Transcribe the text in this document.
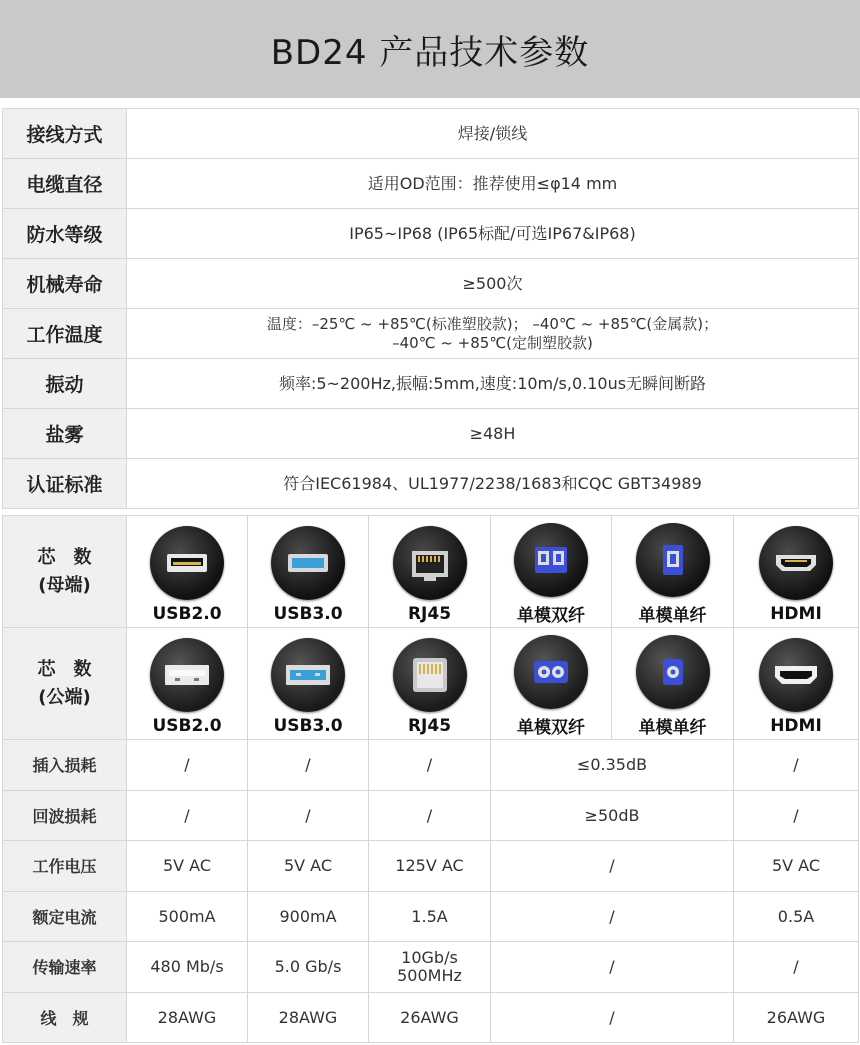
BD24 产品技术参数
接线方式	焊接/锁线
电缆直径	适用OD范围：推荐使用≤φ14 mm
防水等级	IP65~IP68 (IP65标配/可选IP67&IP68)
机械寿命	≥500次
工作温度	温度：–25℃ ~ +85℃(标准塑胶款)； –40℃ ~ +85℃(金属款)；
–40℃ ~ +85℃(定制塑胶款)

振动	频率:5~200Hz,振幅:5mm,速度:10m/s,0.10us无瞬间断路
盐雾	≥48H
认证标准	符合IEC61984、UL1977/2238/1683和CQC GBT34989
芯　数
(母端)	USB2.0	USB3.0	RJ45	单模双纤	单模单纤	HDMI

芯　数
(公端)	USB2.0	USB3.0	RJ45	单模双纤	单模单纤	HDMI

插入损耗	/	/	/	≤0.35dB		/
回波损耗	/	/	/	≥50dB		/
工作电压	5V AC	5V AC	125V AC	/		5V AC
额定电流	500mA	900mA	1.5A	/		0.5A
传输速率	480 Mb/s	5.0 Gb/s	10Gb/s
500MHz	/		/
线　规	28AWG	28AWG	26AWG	/		26AWG
